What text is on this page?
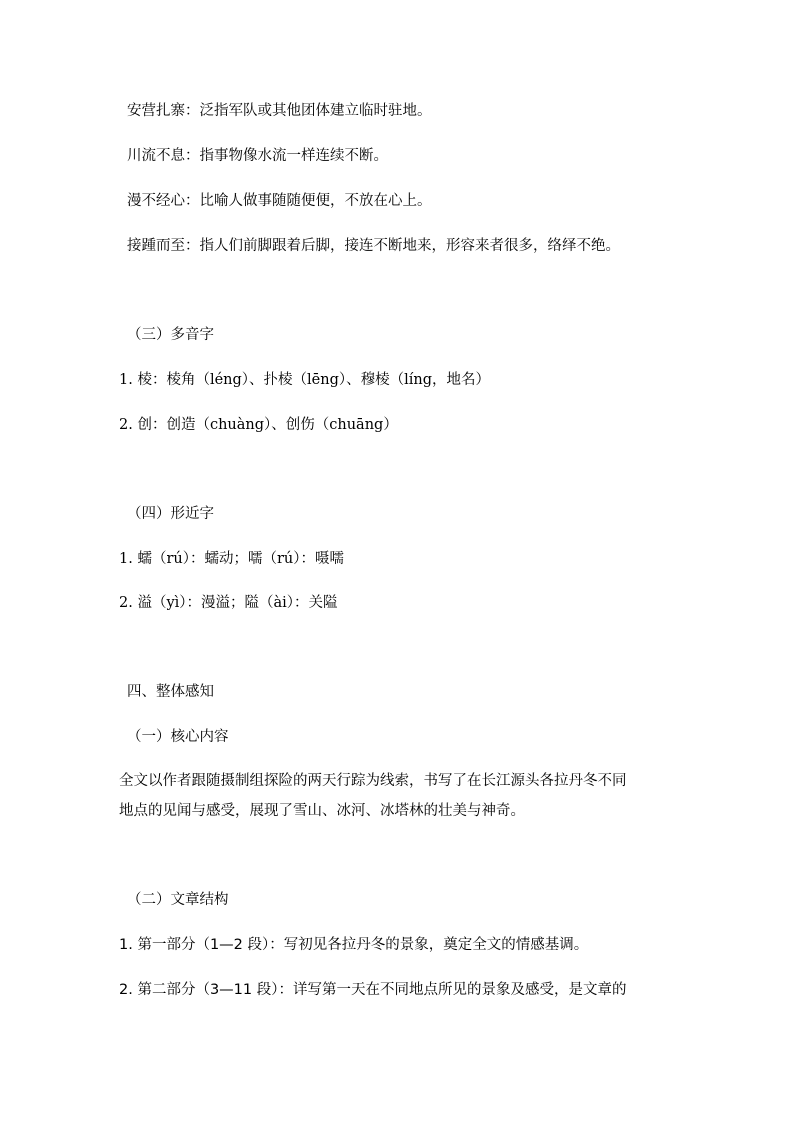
安营扎寨：泛指军队或其他团体建立临时驻地。
川流不息：指事物像水流一样连续不断。
漫不经心：比喻人做事随随便便，不放在心上。
接踵而至：指人们前脚跟着后脚，接连不断地来，形容来者很多，络绎不绝。
（三）多音字
1. 棱：棱角（léng）、扑棱（lēng）、穆棱（líng，地名）
2. 创：创造（chuàng）、创伤（chuāng）
（四）形近字
1. 蠕（rú）：蠕动；嚅（rú）：嗫嚅
2. 溢（yì）：漫溢；隘（ài）：关隘
四、整体感知
（一）核心内容
全文以作者跟随摄制组探险的两天行踪为线索，书写了在长江源头各拉丹冬不同
地点的见闻与感受，展现了雪山、冰河、冰塔林的壮美与神奇。
（二）文章结构
1. 第一部分（1—2 段）：写初见各拉丹冬的景象，奠定全文的情感基调。
2. 第二部分（3—11 段）：详写第一天在不同地点所见的景象及感受，是文章的
